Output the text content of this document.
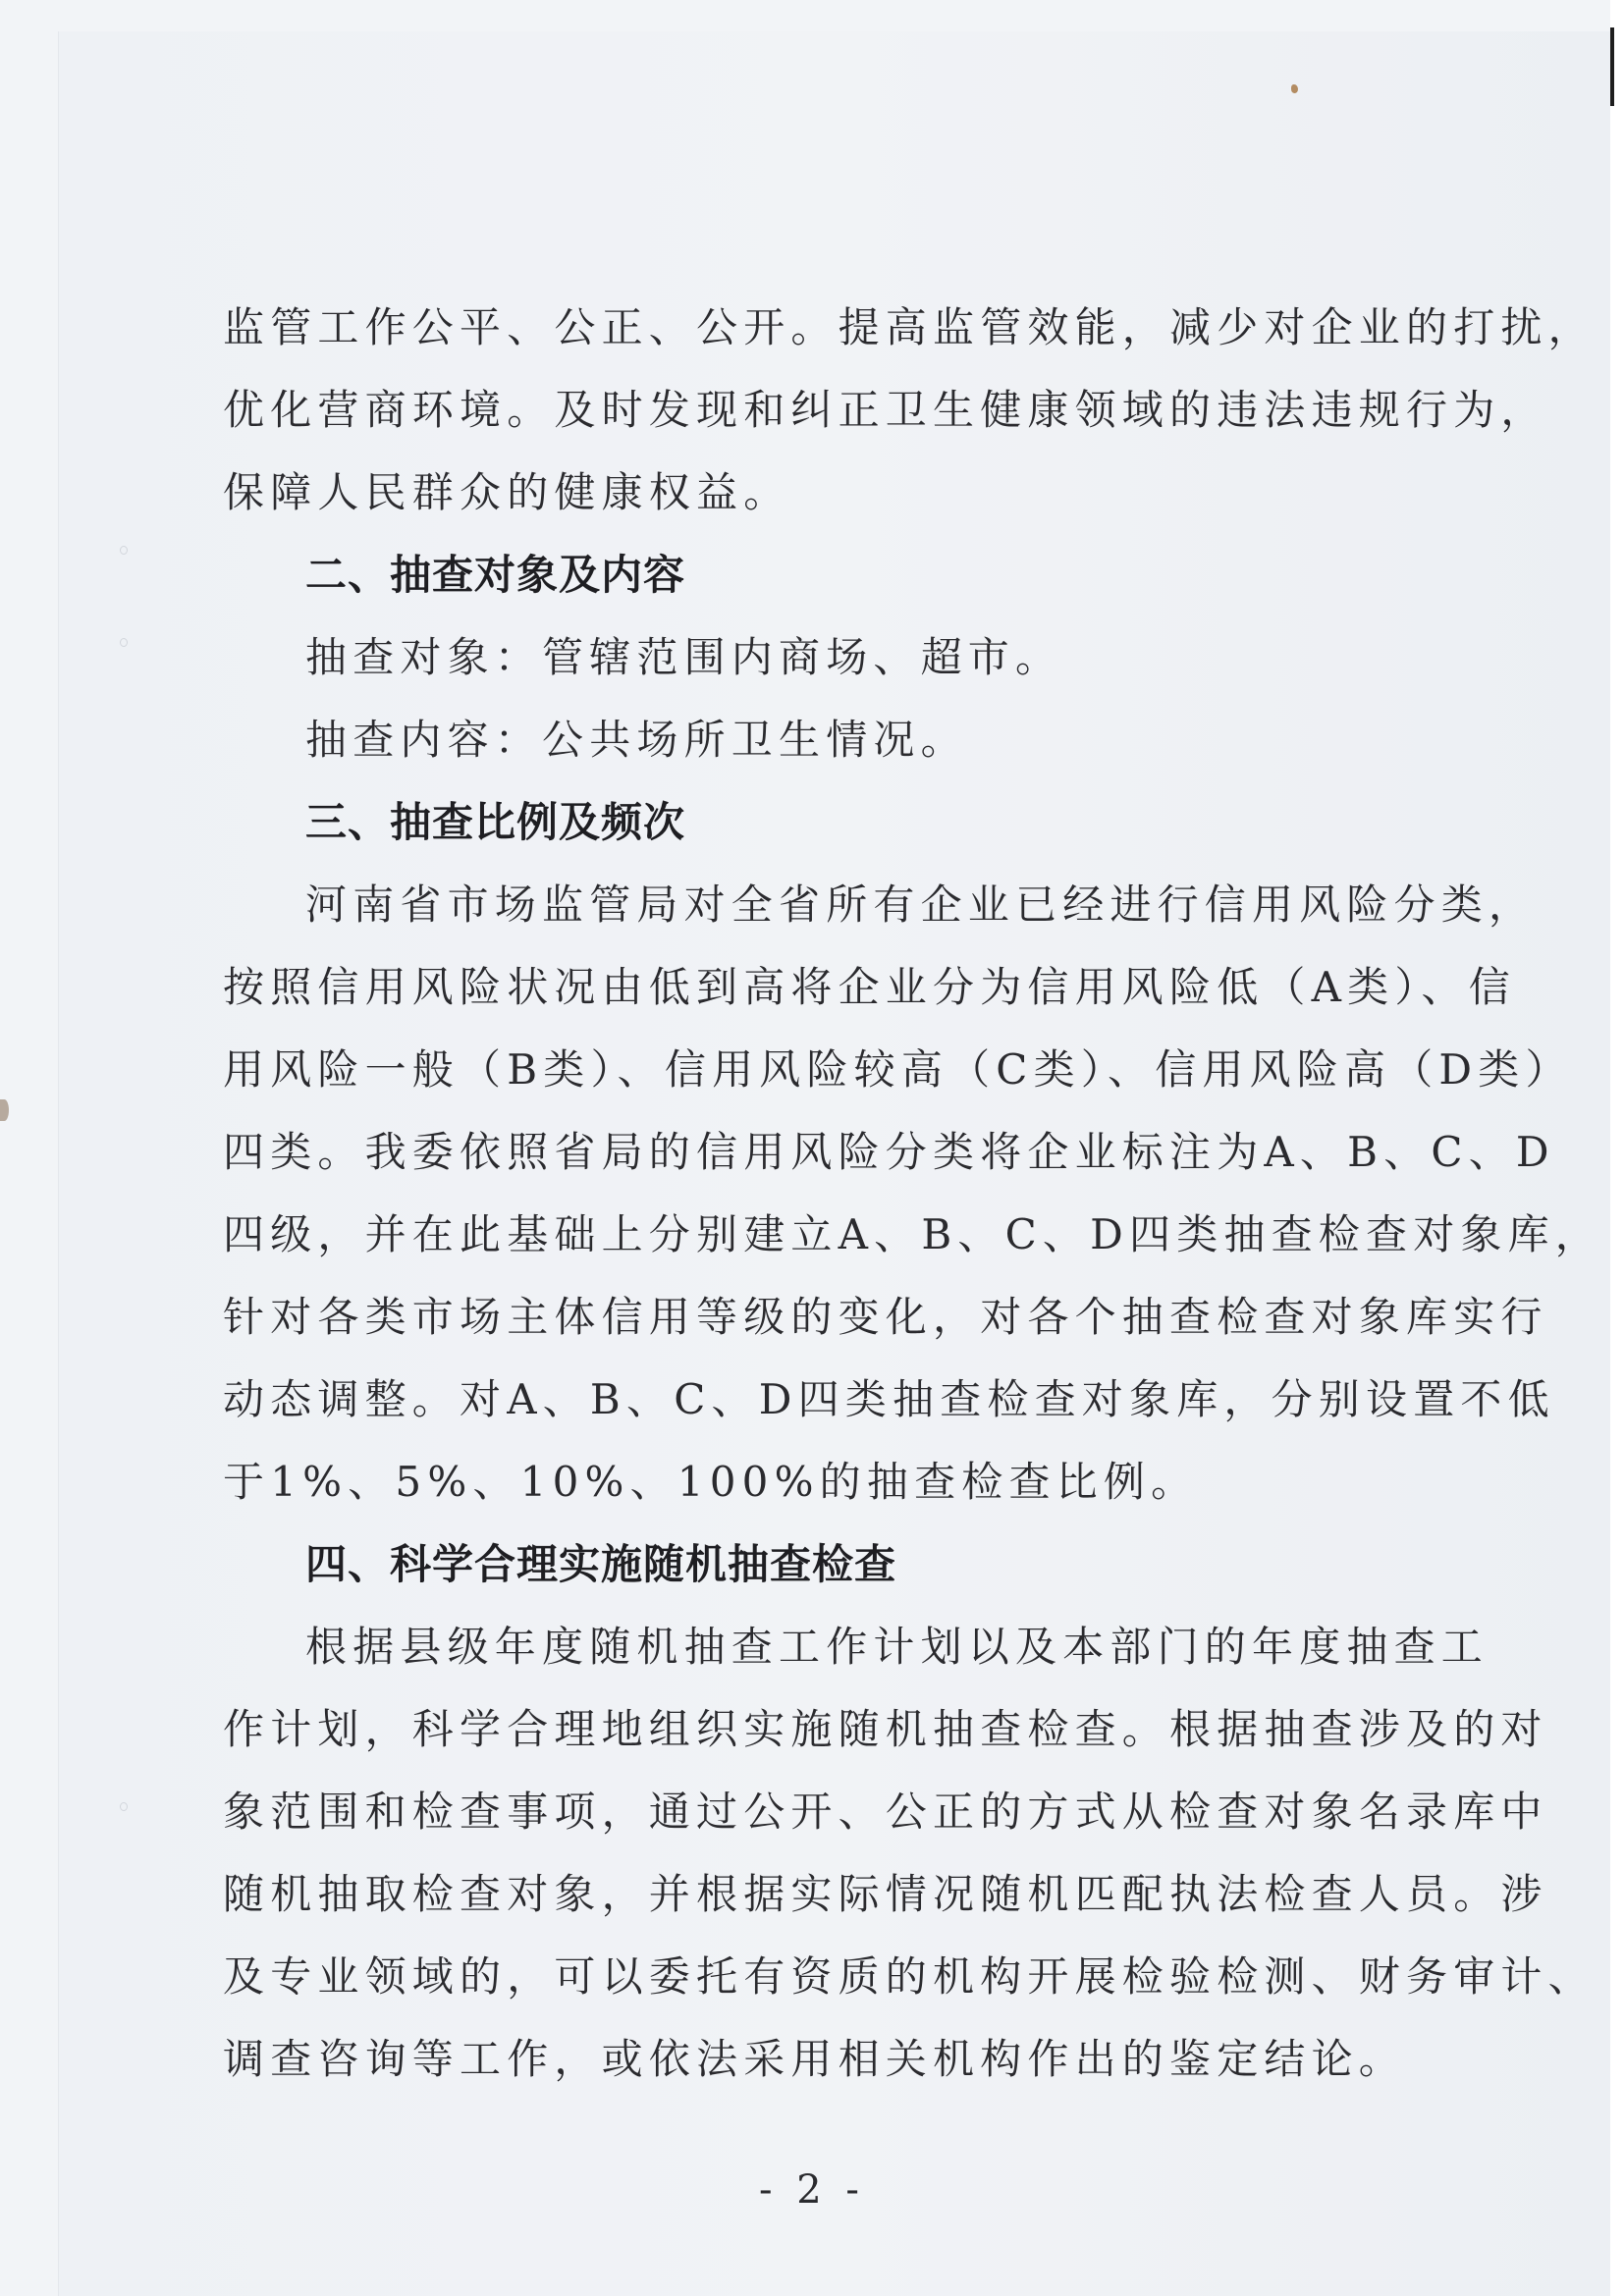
监管工作公平、公正、公开。提高监管效能，减少对企业的打扰，
优化营商环境。及时发现和纠正卫生健康领域的违法违规行为，
保障人民群众的健康权益。
二、抽查对象及内容
抽查对象：管辖范围内商场、超市。
抽查内容：公共场所卫生情况。
三、抽查比例及频次
河南省市场监管局对全省所有企业已经进行信用风险分类，
按照信用风险状况由低到高将企业分为信用风险低（A类）、信
用风险一般（B类）、信用风险较高（C类）、信用风险高（D类）
四类。我委依照省局的信用风险分类将企业标注为A、B、C、D
四级，并在此基础上分别建立A、B、C、D四类抽查检查对象库，
针对各类市场主体信用等级的变化，对各个抽查检查对象库实行
动态调整。对A、B、C、D四类抽查检查对象库，分别设置不低
于1%、5%、10%、100%的抽查检查比例。
四、科学合理实施随机抽查检查
根据县级年度随机抽查工作计划以及本部门的年度抽查工
作计划，科学合理地组织实施随机抽查检查。根据抽查涉及的对
象范围和检查事项，通过公开、公正的方式从检查对象名录库中
随机抽取检查对象，并根据实际情况随机匹配执法检查人员。涉
及专业领域的，可以委托有资质的机构开展检验检测、财务审计、
调查咨询等工作，或依法采用相关机构作出的鉴定结论。
- 2 -
